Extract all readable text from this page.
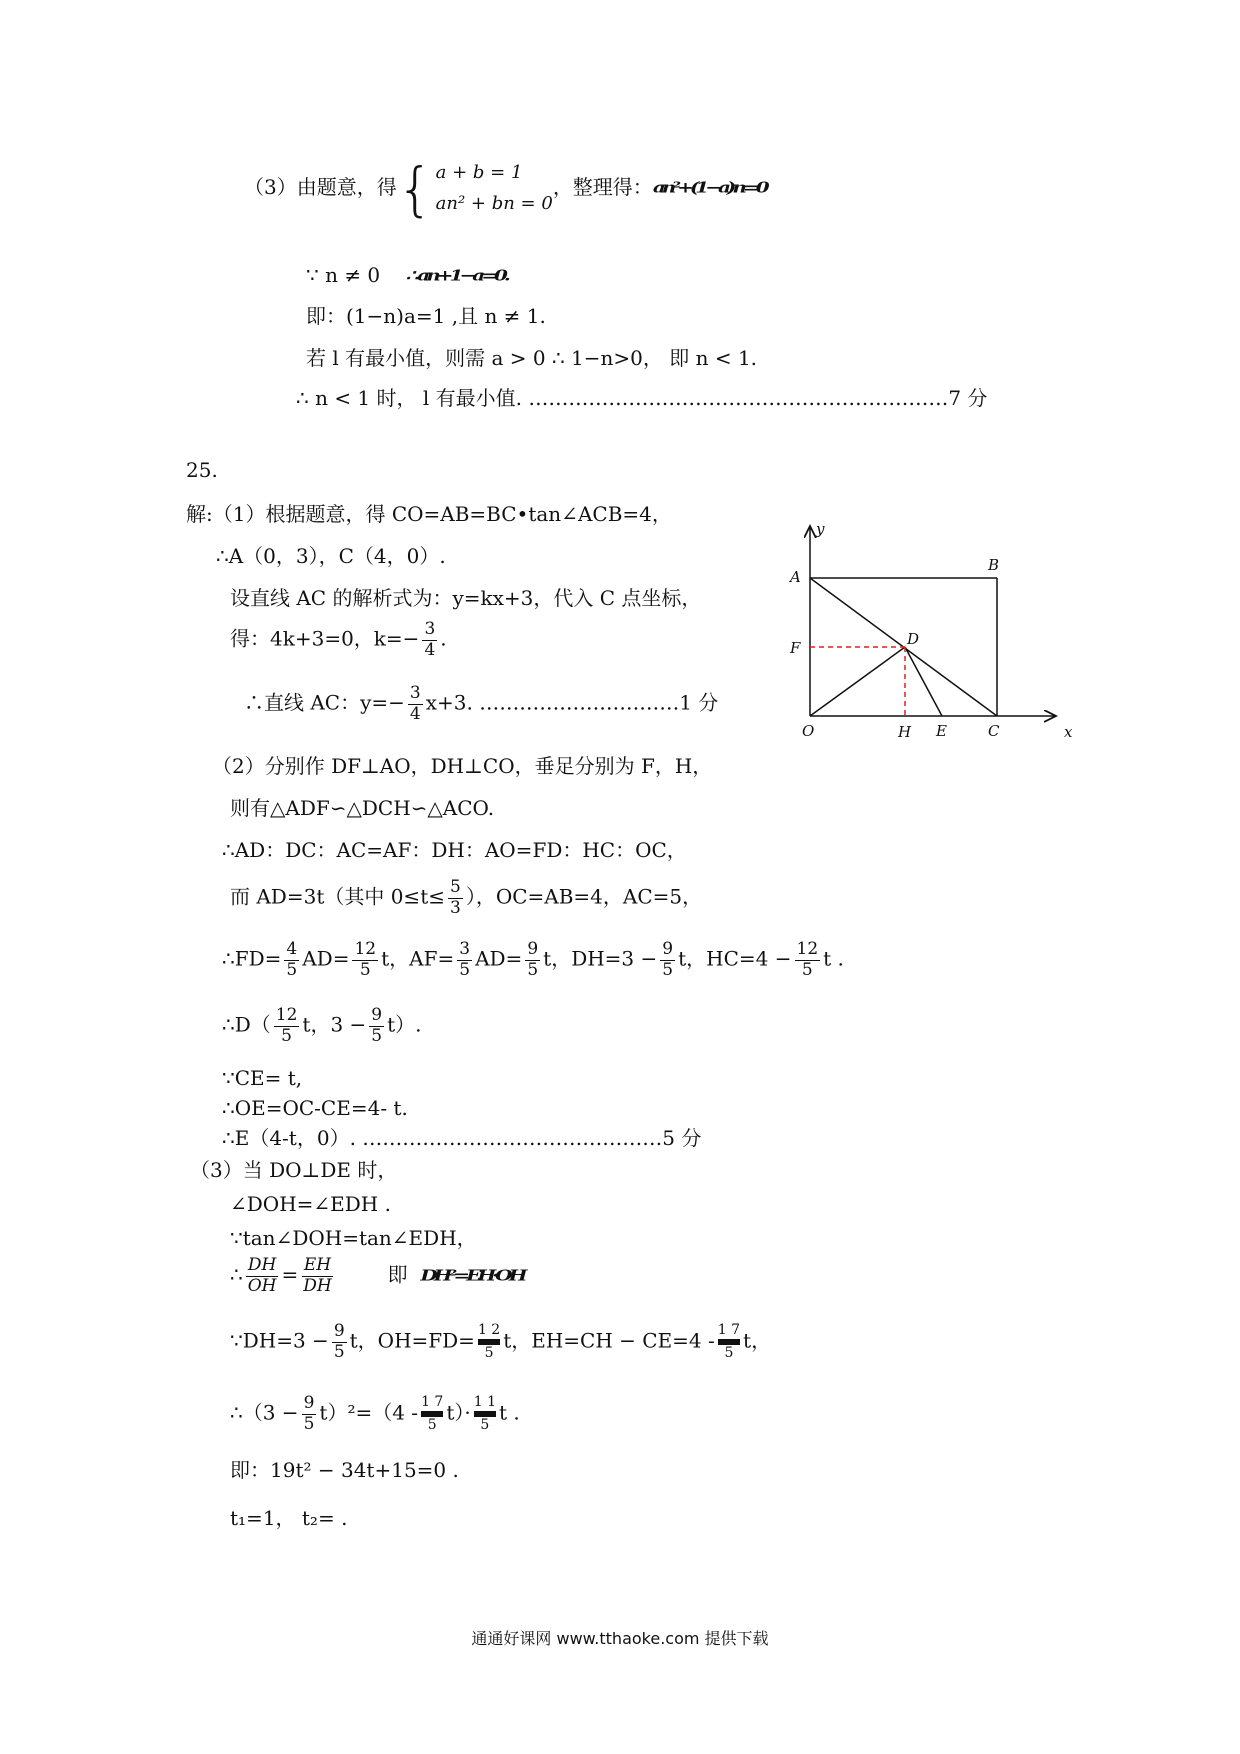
（3）由题意，得{ a + b = 1
an² + bn = 0
，整理得：an²+(1−a)n=0
∵ n ≠ 0 ∴ an+1−a=0.
即：(1−n)a=1 ,且 n ≠ 1.
若 l 有最小值，则需 a > 0 ∴ 1−n>0， 即 n < 1.
∴ n < 1 时， l 有最小值. ………………………………………………………7 分
25.
解:（1）根据题意，得 CO=AB=BC•tan∠ACB=4，
∴A（0，3），C（4，0）.
设直线 AC 的解析式为：y=kx+3，代入 C 点坐标，
得：4k+3=0，$k=- \frac{3}{4}$ .
∴直线 AC：$y=- \frac{3}{4} x+3$. …………………………1 分
（2）分别作 DF⊥AO，DH⊥CO，垂足分别为 F，H，
则有△ADF∽△DCH∽△ACO.
∴AD：DC：AC=AF：DH：AO=FD：HC：OC，
而 AD=3t（其中 $0\le t\le \frac{5}{3}$ ），OC=AB=4，AC=5，
∴FD= $\frac{4}{5} AD= \frac{12}{5}$ t，$AF= \frac{3}{5} AD= \frac{9}{5}$ t，$DH=3 - \frac{9}{5}$ t，$HC=4 - \frac{12}{5}$ t .
∴D（ $\frac{12}{5}$ t，$3 - \frac{9}{5} t$）.
∵CE= t,
∴OE=OC-CE=4- t.
∴E（4-t，0）. ………………………………………5 分
（3）当 DO⊥DE 时，
∠DOH=∠EDH .
∵tan∠DOH=tan∠EDH，
∴ $\frac{DH}{OH} = \frac{EH}{DH}$	即 DH²=EH·OH
∵DH=3 − $\frac{9}{5}$ t，OH=FD= 1 2
5
t，EH=CH − CE=4 - 1 7
5
t，
∴（3 − $\frac{9}{5} t)^2=(4 - 1$ 7
5
t）· 1 1
5
t .
即：19t² − 34t+15=0 .
t₁=1， t₂= .
y
x
A
B
C
D
E
F
H
O
通通好课网 www.tthaoke.com 提供下载
